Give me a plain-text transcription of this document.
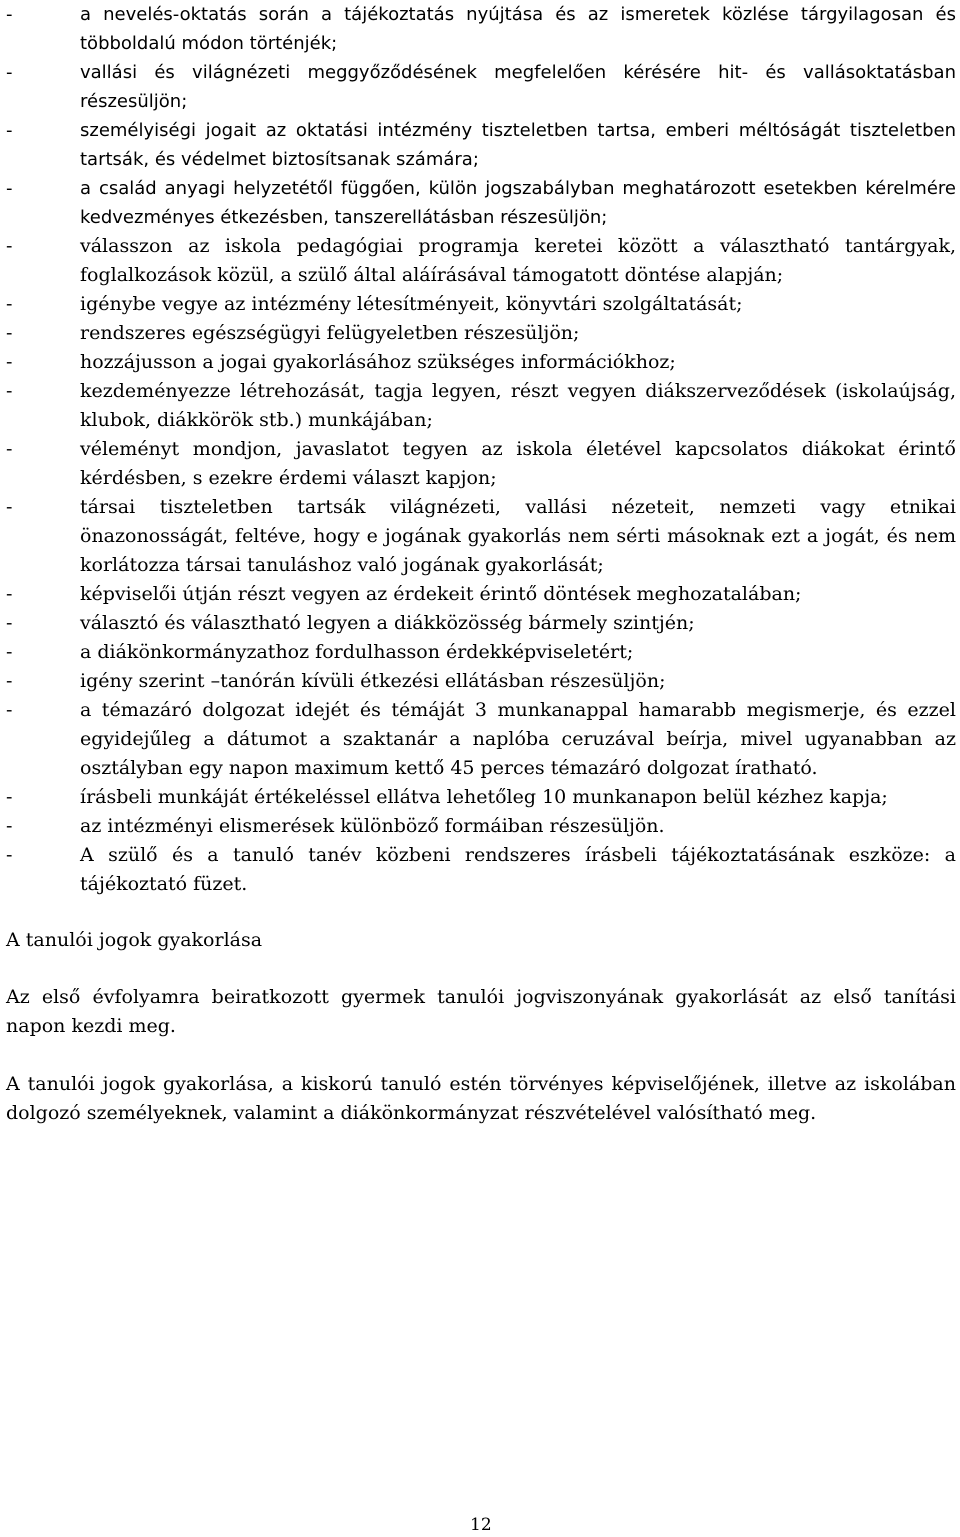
-	a nevelés-oktatás során a tájékoztatás nyújtása és az ismeretek közlése tárgyilagosan és többoldalú módon történjék;
-	vallási és világnézeti meggyőződésének megfelelően kérésére hit- és vallásoktatásban részesüljön;
-	személyiségi jogait az oktatási intézmény tiszteletben tartsa, emberi méltóságát tiszteletben tartsák, és védelmet biztosítsanak számára;
-	a család anyagi helyzetétől függően, külön jogszabályban meghatározott esetekben kérelmére kedvezményes étkezésben, tanszerellátásban részesüljön;
-	válasszon az iskola pedagógiai programja keretei között a választható tantárgyak, foglalkozások közül, a szülő által aláírásával támogatott döntése alapján;
-	igénybe vegye az intézmény létesítményeit, könyvtári szolgáltatását;
-	rendszeres egészségügyi felügyeletben részesüljön;
-	hozzájusson a jogai gyakorlásához szükséges információkhoz;
-	kezdeményezze létrehozását, tagja legyen, részt vegyen diákszerveződések (iskolaújság, klubok, diákkörök stb.) munkájában;
-	véleményt mondjon, javaslatot tegyen az iskola életével kapcsolatos diákokat érintő kérdésben, s ezekre érdemi választ kapjon;
-	társai tiszteletben tartsák világnézeti, vallási nézeteit, nemzeti vagy etnikai önazonosságát, feltéve, hogy e jogának gyakorlás nem sérti másoknak ezt a jogát, és nem korlátozza társai tanuláshoz való jogának gyakorlását;
-	képviselői útján részt vegyen az érdekeit érintő döntések meghozatalában;
-	választó és választható legyen a diákközösség bármely szintjén;
-	a diákönkormányzathoz fordulhasson érdekképviseletért;
-	igény szerint –tanórán kívüli étkezési ellátásban részesüljön;
-	a témazáró dolgozat idejét és témáját 3 munkanappal hamarabb megismerje, és ezzel egyidejűleg a dátumot a szaktanár a naplóba ceruzával beírja, mivel ugyanabban az osztályban egy napon maximum kettő 45 perces témazáró dolgozat íratható.
-	írásbeli munkáját értékeléssel ellátva lehetőleg 10 munkanapon belül kézhez kapja;
-	az intézményi elismerések különböző formáiban részesüljön.
-	A szülő és a tanuló tanév közbeni rendszeres írásbeli tájékoztatásának eszköze: a tájékoztató füzet.
A tanulói jogok gyakorlása

Az első évfolyamra beiratkozott gyermek tanulói jogviszonyának gyakorlását az első tanítási napon kezdi meg.

A tanulói jogok gyakorlása, a kiskorú tanuló estén törvényes képviselőjének, illetve az iskolában dolgozó személyeknek, valamint a diákönkormányzat részvételével valósítható meg.

12
